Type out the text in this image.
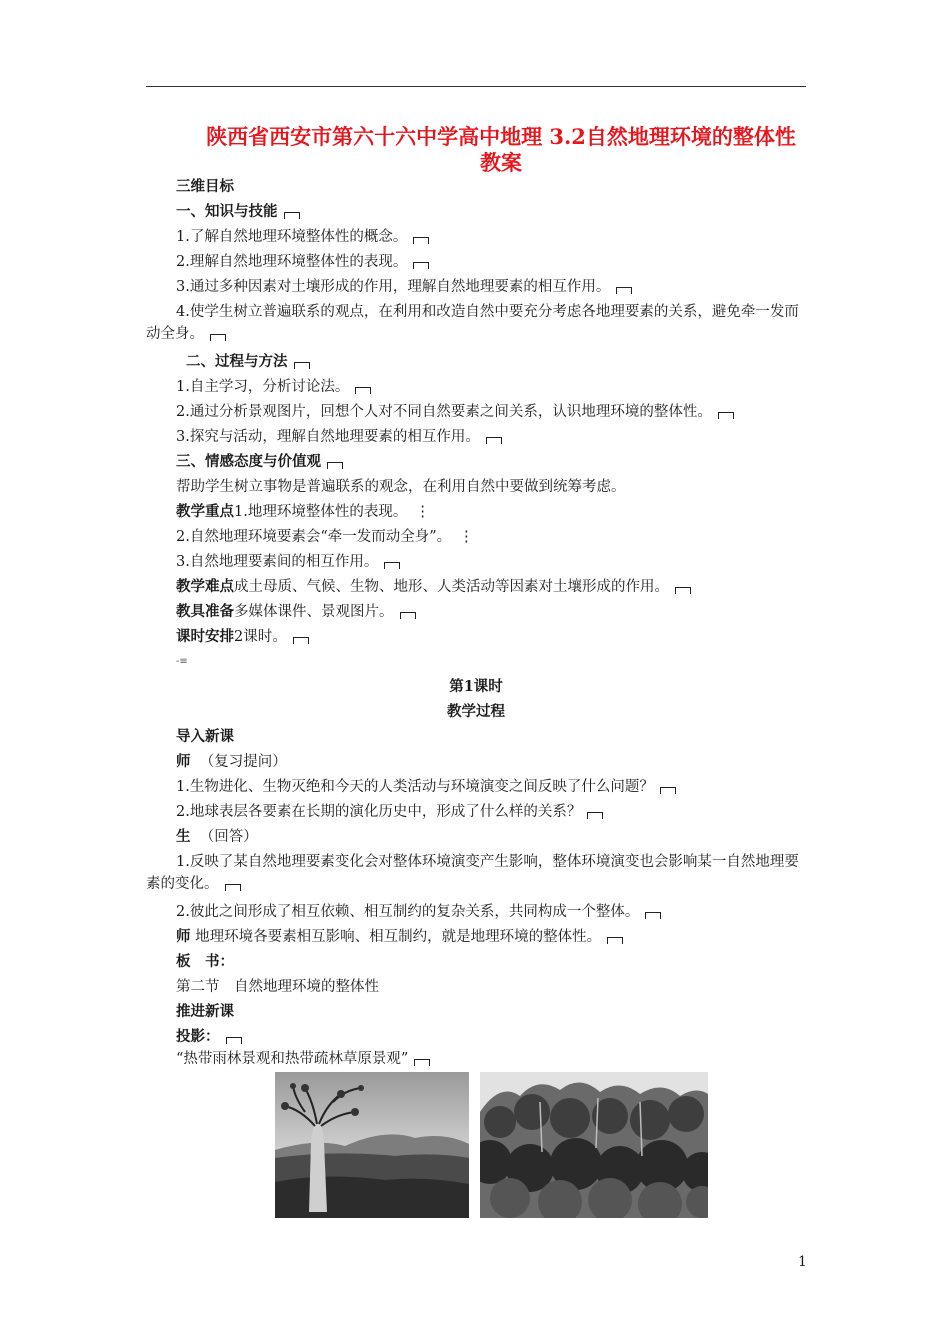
陕西省西安市第六十六中学高中地理 3.2自然地理环境的整体性教案
三维目标
一、知识与技能
1.了解自然地理环境整体性的概念。
2.理解自然地理环境整体性的表现。
3.通过多种因素对土壤形成的作用，理解自然地理要素的相互作用。
4.使学生树立普遍联系的观点，在利用和改造自然中要充分考虑各地理要素的关系，避免牵一发而动全身。
二、过程与方法
1.自主学习，分析讨论法。
2.通过分析景观图片，回想个人对不同自然要素之间关系，认识地理环境的整体性。
3.探究与活动，理解自然地理要素的相互作用。
三、情感态度与价值观
帮助学生树立事物是普遍联系的观念，在利用自然中要做到统筹考虑。
教学重点1.地理环境整体性的表现。 ⋮
2.自然地理环境要素会“牵一发而动全身”。 ⋮
3.自然地理要素间的相互作用。
教学难点成土母质、气候、生物、地形、人类活动等因素对土壤形成的作用。
教具准备多媒体课件、景观图片。
课时安排2课时。
-≡
第1课时
教学过程
导入新课
师 （复习提问）
1.生物进化、生物灭绝和今天的人类活动与环境演变之间反映了什么问题？
2.地球表层各要素在长期的演化历史中，形成了什么样的关系？
生 （回答）
1.反映了某自然地理要素变化会对整体环境演变产生影响，整体环境演变也会影响某一自然地理要素的变化。
2.彼此之间形成了相互依赖、相互制约的复杂关系，共同构成一个整体。
师 地理环境各要素相互影响、相互制约，就是地理环境的整体性。
板　书：
第二节　自然地理环境的整体性
推进新课
投影：
“热带雨林景观和热带疏林草原景观”
1
